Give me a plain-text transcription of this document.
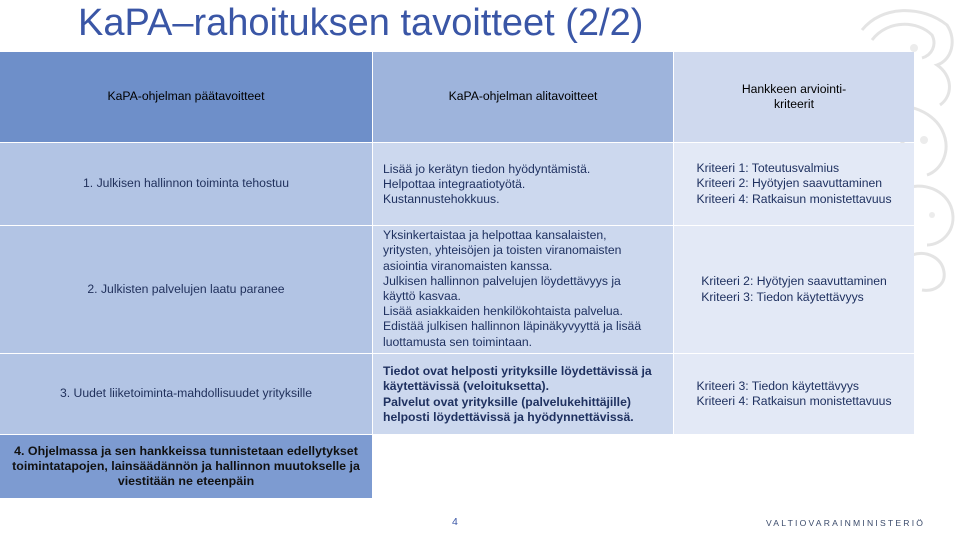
KaPA–rahoituksen tavoitteet (2/2)
KaPA-ohjelman päätavoitteet	KaPA-ohjelman alitavoitteet
Hankkeen arviointi-
kriteerit
1. Julkisen hallinnon toiminta tehostuu
Lisää jo kerätyn tiedon hyödyntämistä.
Helpottaa integraatiotyötä.
Kustannustehokkuus.
Kriteeri 1: Toteutusvalmius
Kriteeri 2: Hyötyjen saavuttaminen
Kriteeri 4: Ratkaisun monistettavuus
2. Julkisten palvelujen laatu paranee
Yksinkertaistaa ja helpottaa kansalaisten,
yritysten, yhteisöjen ja toisten viranomaisten
asiointia viranomaisten kanssa.
Julkisen hallinnon palvelujen löydettävyys ja
käyttö kasvaa.
Lisää asiakkaiden henkilökohtaista palvelua.
Edistää julkisen hallinnon läpinäkyvyyttä ja lisää
luottamusta sen toimintaan.
Kriteeri 2: Hyötyjen saavuttaminen
Kriteeri 3: Tiedon käytettävyys
3. Uudet liiketoiminta-mahdollisuudet yrityksille
Tiedot ovat helposti yrityksille löydettävissä ja
käytettävissä (veloituksetta).
Palvelut ovat yrityksille (palvelukehittäjille)
helposti löydettävissä ja hyödynnettävissä.
Kriteeri 3: Tiedon käytettävyys
Kriteeri 4: Ratkaisun monistettavuus
4. Ohjelmassa ja sen hankkeissa tunnistetaan edellytykset
toimintatapojen, lainsäädännön ja hallinnon muutokselle ja
viestitään ne eteenpäin
4	VALTIOVARAINMINISTERIÖ
